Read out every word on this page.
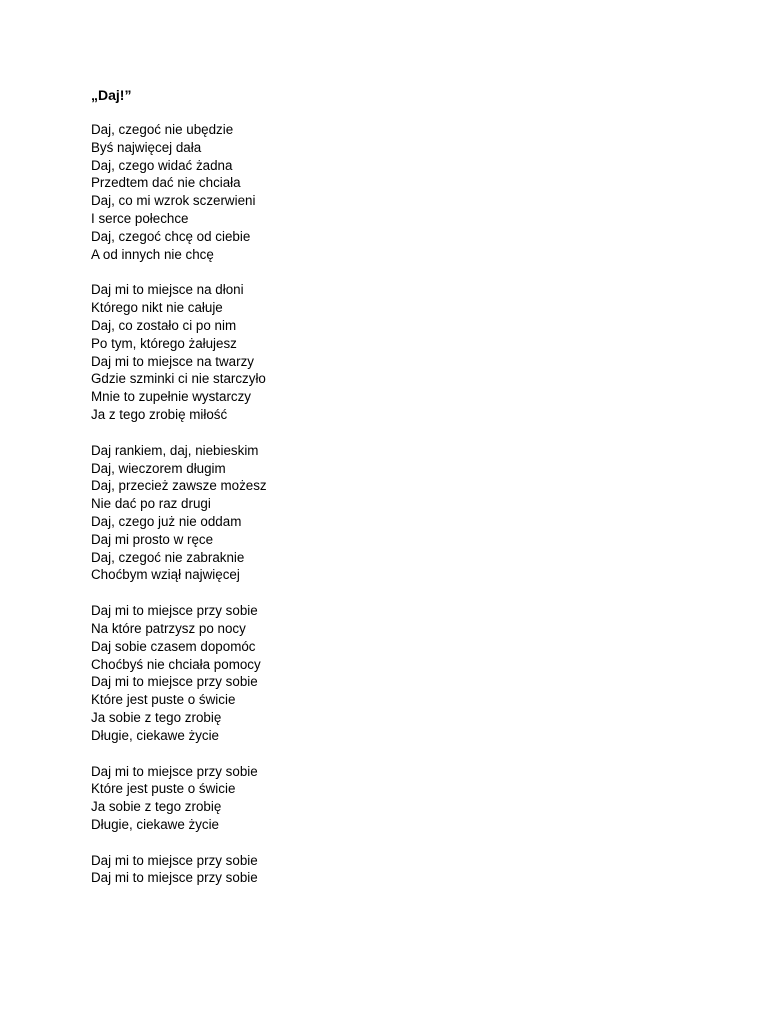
„Daj!”
Daj, czegoć nie ubędzie
Byś najwięcej dała
Daj, czego widać żadna
Przedtem dać nie chciała
Daj, co mi wzrok sczerwieni
I serce połechce
Daj, czegoć chcę od ciebie
A od innych nie chcę
Daj mi to miejsce na dłoni
Którego nikt nie całuje
Daj, co zostało ci po nim
Po tym, którego żałujesz
Daj mi to miejsce na twarzy
Gdzie szminki ci nie starczyło
Mnie to zupełnie wystarczy
Ja z tego zrobię miłość
Daj rankiem, daj, niebieskim
Daj, wieczorem długim
Daj, przecież zawsze możesz
Nie dać po raz drugi
Daj, czego już nie oddam
Daj mi prosto w ręce
Daj, czegoć nie zabraknie
Choćbym wziął najwięcej
Daj mi to miejsce przy sobie
Na które patrzysz po nocy
Daj sobie czasem dopomóc
Choćbyś nie chciała pomocy
Daj mi to miejsce przy sobie
Które jest puste o świcie
Ja sobie z tego zrobię
Długie, ciekawe życie
Daj mi to miejsce przy sobie
Które jest puste o świcie
Ja sobie z tego zrobię
Długie, ciekawe życie
Daj mi to miejsce przy sobie
Daj mi to miejsce przy sobie
